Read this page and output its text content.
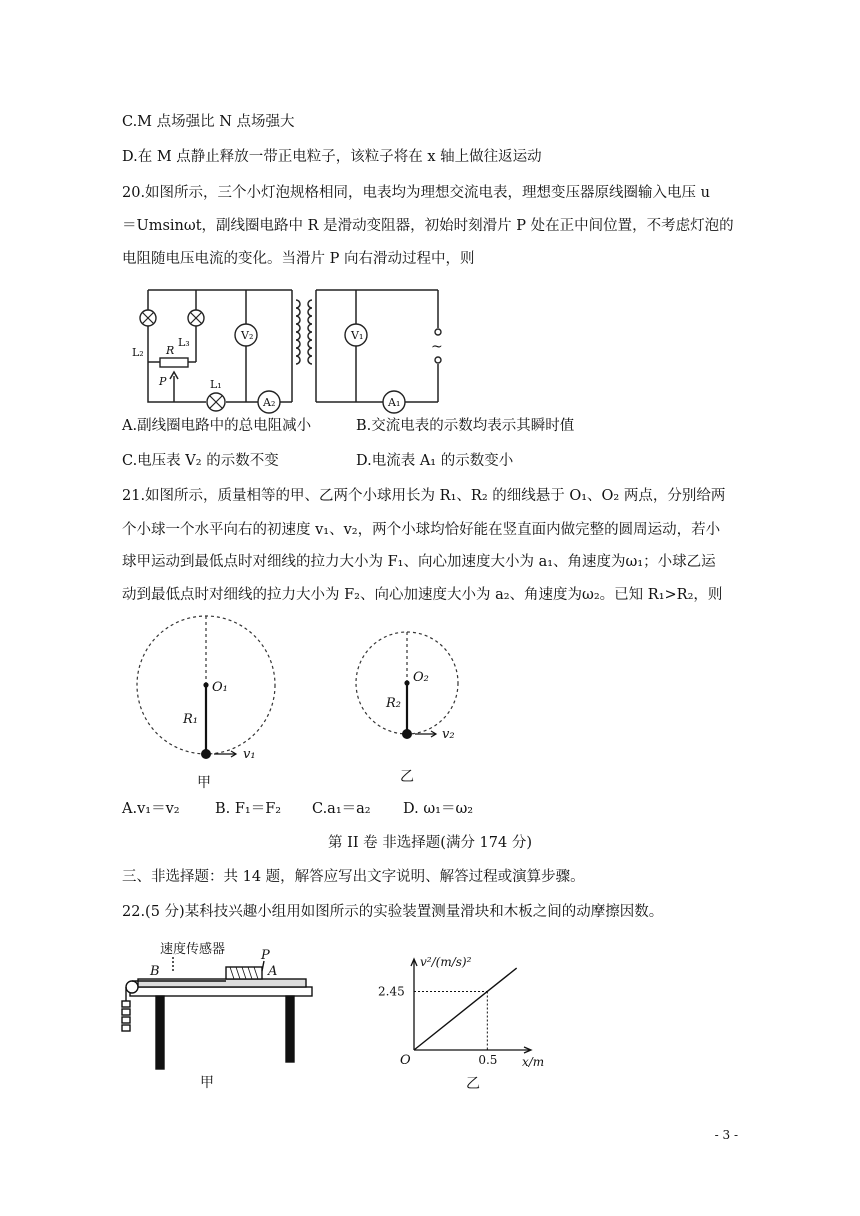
C.M 点场强比 N 点场强大
D.在 M 点静止释放一带正电粒子，该粒子将在 x 轴上做往返运动
20.如图所示，三个小灯泡规格相同，电表均为理想交流电表，理想变压器原线圈输入电压 u
＝Umsinωt，副线圈电路中 R 是滑动变阻器，初始时刻滑片 P 处在正中间位置，不考虑灯泡的
电阻随电压电流的变化。当滑片 P 向右滑动过程中，则
L₂
L₃
L₁
R
P
V₂
A₂
V₁
A₁
~
A.副线圈电路中的总电阻减小	B.交流电表的示数均表示其瞬时值
C.电压表 V₂ 的示数不变	D.电流表 A₁ 的示数变小
21.如图所示，质量相等的甲、乙两个小球用长为 R₁、R₂ 的细线悬于 O₁、O₂ 两点，分别给两
个小球一个水平向右的初速度 v₁、v₂，两个小球均恰好能在竖直面内做完整的圆周运动，若小
球甲运动到最低点时对细线的拉力大小为 F₁、向心加速度大小为 a₁、角速度为ω₁；小球乙运
动到最低点时对细线的拉力大小为 F₂、向心加速度大小为 a₂、角速度为ω₂。已知 R₁>R₂，则
O₁
R₁
v₁
O₂
R₂
v₂
甲	乙
A.v₁＝v₂ B. F₁＝F₂ C.a₁＝a₂ D. ω₁＝ω₂
第 II 卷 非选择题(满分 174 分)
三、非选择题：共 14 题，解答应写出文字说明、解答过程或演算步骤。
22.(5 分)某科技兴趣小组用如图所示的实验装置测量滑块和木板之间的动摩擦因数。
速度传感器
B
P
A
甲
v²/(m/s)²
x/m
O	0.5
2.45
乙
- 3 -
